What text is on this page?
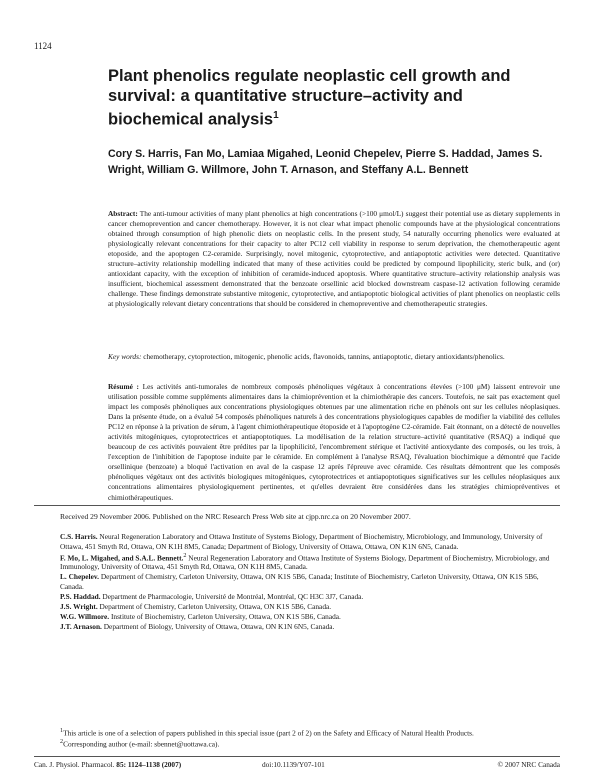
1124
Plant phenolics regulate neoplastic cell growth and survival: a quantitative structure–activity and biochemical analysis$^1$
Cory S. Harris, Fan Mo, Lamiaa Migahed, Leonid Chepelev, Pierre S. Haddad, James S. Wright, William G. Willmore, John T. Arnason, and Steffany A.L. Bennett
Abstract: The anti-tumour activities of many plant phenolics at high concentrations (>100 μmol/L) suggest their potential use as dietary supplements in cancer chemoprevention and cancer chemotherapy. However, it is not clear what impact phenolic compounds have at the physiological concentrations obtained through consumption of high phenolic diets on neoplastic cells. In the present study, 54 naturally occurring phenolics were evaluated at physiologically relevant concentrations for their capacity to alter PC12 cell viability in response to serum deprivation, the chemotherapeutic agent etoposide, and the apoptogen C2-ceramide. Surprisingly, novel mitogenic, cytoprotective, and antiapoptotic activities were detected. Quantitative structure–activity relationship modelling indicated that many of these activities could be predicted by compound lipophilicity, steric bulk, and (or) antioxidant capacity, with the exception of inhibition of ceramide-induced apoptosis. Where quantitative structure–activity relationship analysis was insufficient, biochemical assessment demonstrated that the benzoate orsellinic acid blocked downstream caspase-12 activation following ceramide challenge. These findings demonstrate substantive mitogenic, cytoprotective, and antiapoptotic biological activities of plant phenolics on neoplastic cells at physiologically relevant dietary concentrations that should be considered in chemopreventive and chemotherapeutic strategies.
Key words: chemotherapy, cytoprotection, mitogenic, phenolic acids, flavonoids, tannins, antiapoptotic, dietary antioxidants/phenolics.
Résumé : Les activités anti-tumorales de nombreux composés phénoliques végétaux à concentrations élevées (>100 μM) laissent entrevoir une utilisation possible comme suppléments alimentaires dans la chimioprévention et la chimiothérapie des cancers. Toutefois, ne sait pas exactement quel impact les composés phénoliques aux concentrations physiologiques obtenues par une alimentation riche en phénols ont sur les cellules néoplasiques. Dans la présente étude, on a évalué 54 composés phénoliques naturels à des concentrations physiologiques capables de modifier la viabilité des cellules PC12 en réponse à la privation de sérum, à l'agent chimiothérapeutique étoposide et à l'apoptogène C2-céramide. Fait étonnant, on a détecté de nouvelles activités mitogéniques, cytoprotectrices et antiapoptotiques. La modélisation de la relation structure–activité quantitative (RSAQ) a indiqué que beaucoup de ces activités pouvaient être prédites par la lipophilicité, l'encombrement stérique et l'activité antioxydante des composés, ou les trois, à l'exception de l'inhibition de l'apoptose induite par le céramide. En complément à l'analyse RSAQ, l'évaluation biochimique a démontré que l'acide orsellinique (benzoate) a bloqué l'activation en aval de la caspase 12 après l'épreuve avec céramide. Ces résultats démontrent que les composés phénoliques végétaux ont des activités biologiques mitogéniques, cytoprotectrices et antiapoptotiques significatives sur les cellules néoplasiques aux concentrations alimentaires physiologiquement pertinentes, et qu'elles devraient être considérées dans les stratégies chimiopréventives et chimiothérapeutiques.
Received 29 November 2006. Published on the NRC Research Press Web site at cjpp.nrc.ca on 20 November 2007.

C.S. Harris. Neural Regeneration Laboratory and Ottawa Institute of Systems Biology, Department of Biochemistry, Microbiology, and Immunology, University of Ottawa, 451 Smyth Rd, Ottawa, ON K1H 8M5, Canada; Department of Biology, University of Ottawa, Ottawa, ON K1N 6N5, Canada.

F. Mo, L. Migahed, and S.A.L. Bennett.$^2$ Neural Regeneration Laboratory and Ottawa Institute of Systems Biology, Department of Biochemistry, Microbiology, and Immunology, University of Ottawa, 451 Smyth Rd, Ottawa, ON K1H 8M5, Canada.

L. Chepelev. Department of Chemistry, Carleton University, Ottawa, ON K1S 5B6, Canada; Institute of Biochemistry, Carleton University, Ottawa, ON K1S 5B6, Canada.

P.S. Haddad. Department de Pharmacologie, Université de Montréal, Montréal, QC H3C 3J7, Canada.

J.S. Wright. Department of Chemistry, Carleton University, Ottawa, ON K1S 5B6, Canada.

W.G. Willmore. Institute of Biochemistry, Carleton University, Ottawa, ON K1S 5B6, Canada.

J.T. Arnason. Department of Biology, University of Ottawa, Ottawa, ON K1N 6N5, Canada.

$^1$This article is one of a selection of papers published in this special issue (part 2 of 2) on the Safety and Efficacy of Natural Health Products.

$^2$Corresponding author (e-mail: sbennet@uottawa.ca).

Can. J. Physiol. Pharmacol. 85: 1124–1138 (2007)	doi:10.1139/Y07-101	© 2007 NRC Canada
